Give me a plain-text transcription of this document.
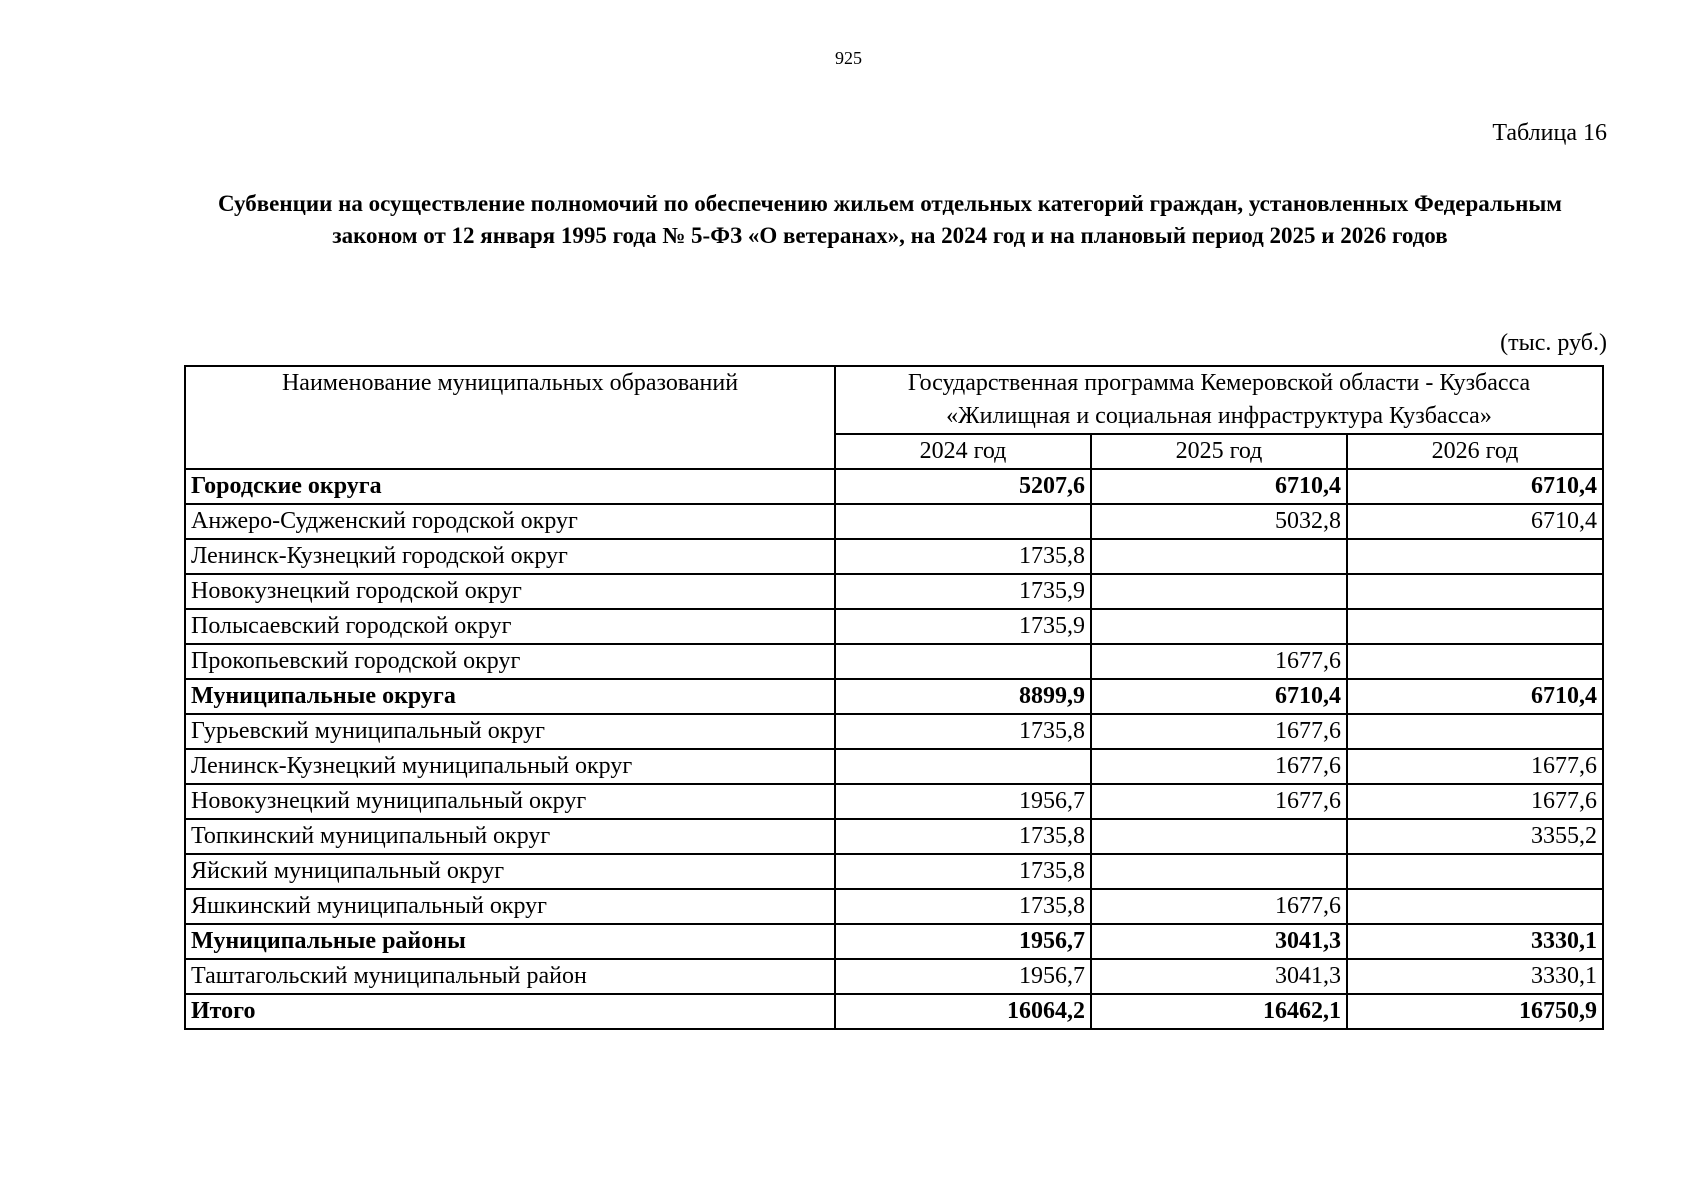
925
Таблица 16
Субвенции на осуществление полномочий по обеспечению жильем отдельных категорий граждан, установленных Федеральным законом от 12 января 1995 года № 5-ФЗ «О ветеранах», на 2024 год и на плановый период 2025 и 2026 годов
(тыс. руб.)
Наименование муниципальных образований	Государственная программа Кемеровской области - Кузбасса
«Жилищная и социальная инфраструктура Кузбасса»		

	2024 год	2025 год	2026 год
Городские округа	5207,6	6710,4	6710,4
Анжеро-Судженский городской округ		5032,8	6710,4
Ленинск-Кузнецкий городской округ	1735,8		
Новокузнецкий городской округ	1735,9		
Полысаевский городской округ	1735,9		
Прокопьевский городской округ		1677,6	
Муниципальные округа	8899,9	6710,4	6710,4
Гурьевский муниципальный округ	1735,8	1677,6	
Ленинск-Кузнецкий муниципальный округ		1677,6	1677,6
Новокузнецкий муниципальный округ	1956,7	1677,6	1677,6
Топкинский муниципальный округ	1735,8		3355,2
Яйский муниципальный округ	1735,8		
Яшкинский муниципальный округ	1735,8	1677,6	
Муниципальные районы	1956,7	3041,3	3330,1
Таштагольский муниципальный район	1956,7	3041,3	3330,1
Итого	16064,2	16462,1	16750,9
